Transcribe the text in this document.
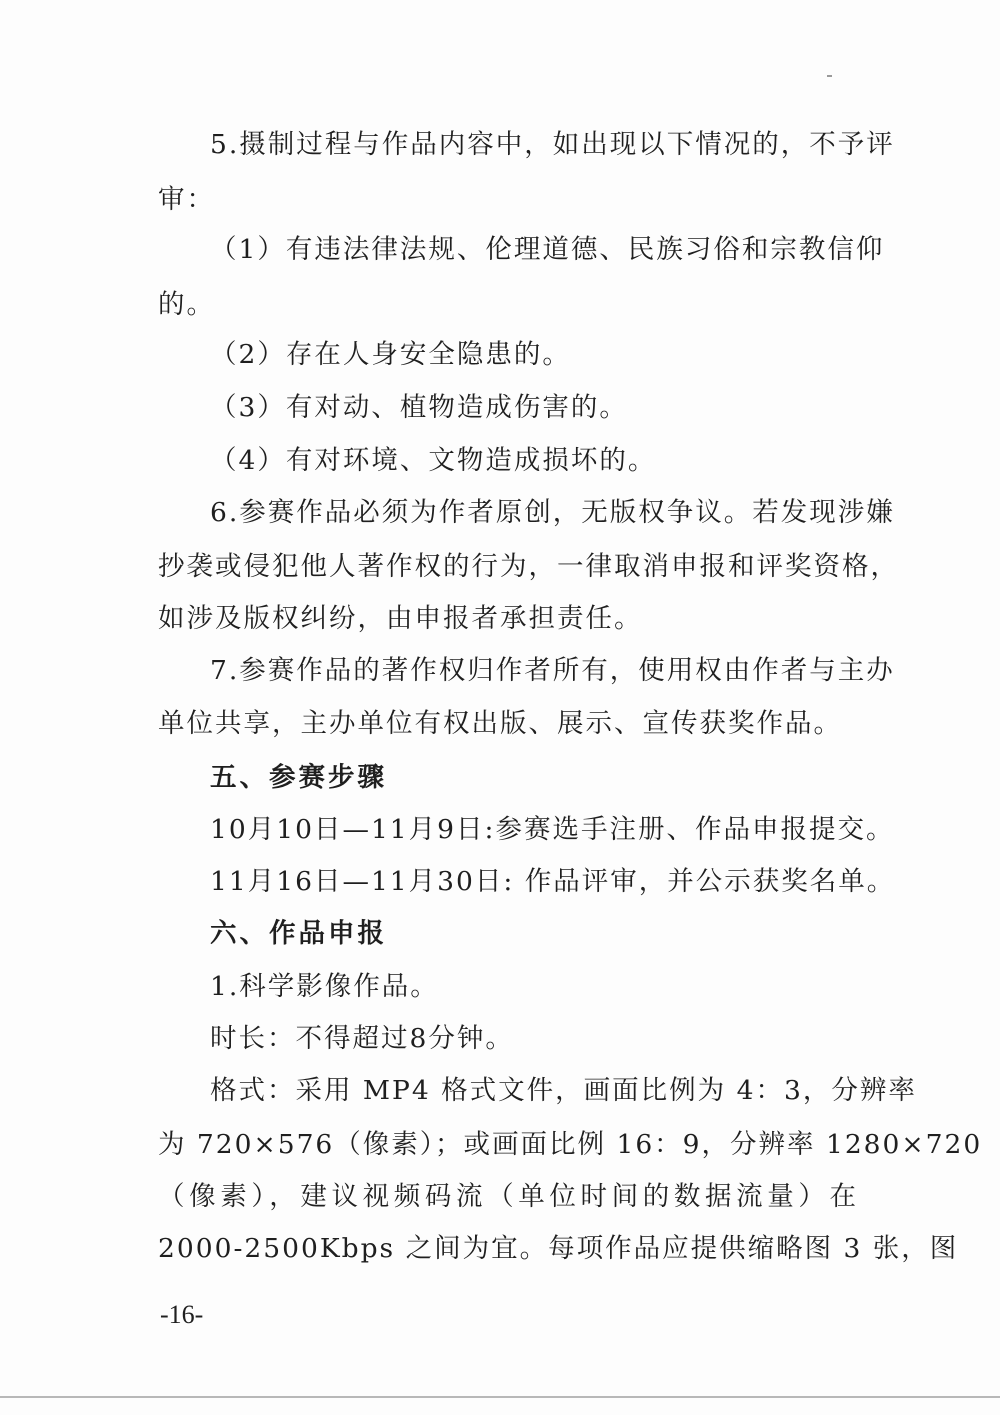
5.摄制过程与作品内容中，如出现以下情况的，不予评
审：
（1）有违法律法规、伦理道德、民族习俗和宗教信仰
的。
（2）存在人身安全隐患的。
（3）有对动、植物造成伤害的。
（4）有对环境、文物造成损坏的。
6.参赛作品必须为作者原创，无版权争议。若发现涉嫌
抄袭或侵犯他人著作权的行为，一律取消申报和评奖资格，
如涉及版权纠纷，由申报者承担责任。
7.参赛作品的著作权归作者所有，使用权由作者与主办
单位共享，主办单位有权出版、展示、宣传获奖作品。
五、参赛步骤
10月10日—11月9日:参赛选手注册、作品申报提交。
11月16日—11月30日: 作品评审，并公示获奖名单。
六、作品申报
1.科学影像作品。
时长：不得超过8分钟。
格式：采用 MP4 格式文件，画面比例为 4：3，分辨率
为 720×576（像素）；或画面比例 16：9，分辨率 1280×720
（像素），建议视频码流（单位时间的数据流量）在
2000-2500Kbps 之间为宜。每项作品应提供缩略图 3 张，图
-16-
